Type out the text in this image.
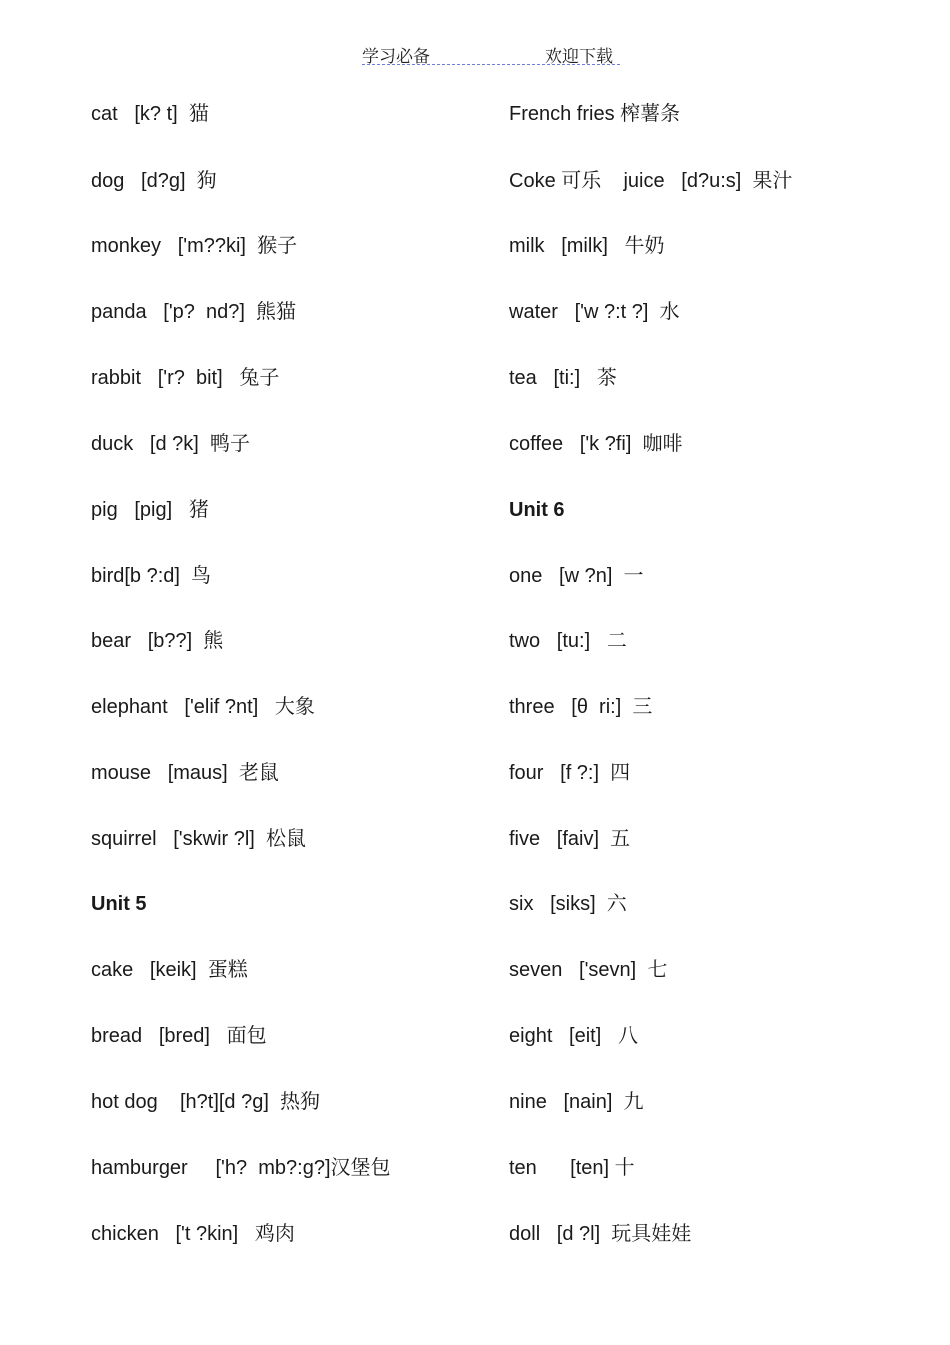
学习必备	欢迎下载
cat   [k? t]  猫
dog   [d?g]  狗
monkey   ['m??ki]  猴子
panda   ['p?  nd?]  熊猫
rabbit   ['r?  bit]   兔子
duck   [d ?k]  鸭子
pig   [pig]   猪
bird[b ?:d]  鸟
bear   [b??]  熊
elephant   ['elif ?nt]   大象
mouse   [maus]  老鼠
squirrel   ['skwir ?l]  松鼠
Unit 5
cake   [keik]  蛋糕
bread   [bred]   面包
hot dog    [h?t][d ?g]  热狗
hamburger     ['h?  mb?:g?]汉堡包
chicken   ['t ?kin]   鸡肉
French fries 榨薯条
Coke 可乐    juice   [d?u:s]  果汁
milk   [milk]   牛奶
water   ['w ?:t ?]  水
tea   [ti:]   茶
coffee   ['k ?fi]  咖啡
Unit 6
one   [w ?n]  一
two   [tu:]   二
three   [θ  ri:]  三
four   [f ?:]  四
five   [faiv]  五
six   [siks]  六
seven   ['sevn]  七
eight   [eit]   八
nine   [nain]  九
ten      [ten] 十
doll   [d ?l]  玩具娃娃
